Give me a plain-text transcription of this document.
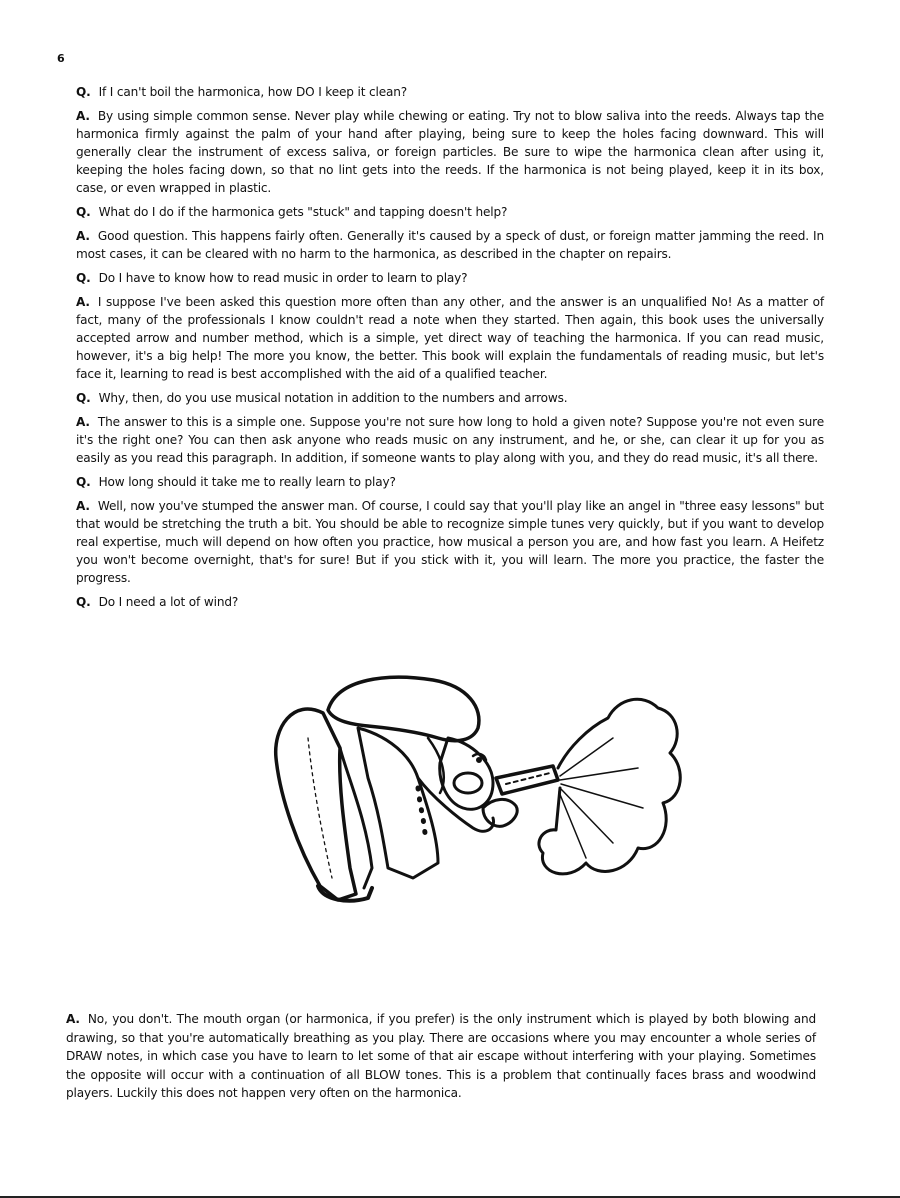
6

Q. If I can't boil the harmonica, how DO I keep it clean?

A. By using simple common sense. Never play while chewing or eating. Try not to blow saliva into the reeds. Always tap the harmonica firmly against the palm of your hand after playing, being sure to keep the holes facing downward. This will generally clear the instrument of excess saliva, or foreign particles. Be sure to wipe the harmonica clean after using it, keeping the holes facing down, so that no lint gets into the reeds. If the harmonica is not being played, keep it in its box, case, or even wrapped in plastic.

Q. What do I do if the harmonica gets "stuck" and tapping doesn't help?

A. Good question. This happens fairly often. Generally it's caused by a speck of dust, or foreign matter jamming the reed. In most cases, it can be cleared with no harm to the harmonica, as described in the chapter on repairs.

Q. Do I have to know how to read music in order to learn to play?

A. I suppose I've been asked this question more often than any other, and the answer is an unqualified No! As a matter of fact, many of the professionals I know couldn't read a note when they started. Then again, this book uses the universally accepted arrow and number method, which is a simple, yet direct way of teaching the harmonica. If you can read music, however, it's a big help! The more you know, the better. This book will explain the fundamentals of reading music, but let's face it, learning to read is best accomplished with the aid of a qualified teacher.

Q. Why, then, do you use musical notation in addition to the numbers and arrows.

A. The answer to this is a simple one. Suppose you're not sure how long to hold a given note? Suppose you're not even sure it's the right one? You can then ask anyone who reads music on any instrument, and he, or she, can clear it up for you as easily as you read this paragraph. In addition, if someone wants to play along with you, and they do read music, it's all there.

Q. How long should it take me to really learn to play?

A. Well, now you've stumped the answer man. Of course, I could say that you'll play like an angel in "three easy lessons" but that would be stretching the truth a bit. You should be able to recognize simple tunes very quickly, but if you want to develop real expertise, much will depend on how often you practice, how musical a person you are, and how fast you learn. A Heifetz you won't become overnight, that's for sure! But if you stick with it, you will learn. The more you practice, the faster the progress.

Q. Do I need a lot of wind?

A. No, you don't. The mouth organ (or harmonica, if you prefer) is the only instrument which is played by both blowing and drawing, so that you're automatically breathing as you play. There are occasions where you may encounter a whole series of DRAW notes, in which case you have to learn to let some of that air escape without interfering with your playing. Sometimes the opposite will occur with a continuation of all BLOW tones. This is a problem that continually faces brass and woodwind players. Luckily this does not happen very often on the harmonica.
